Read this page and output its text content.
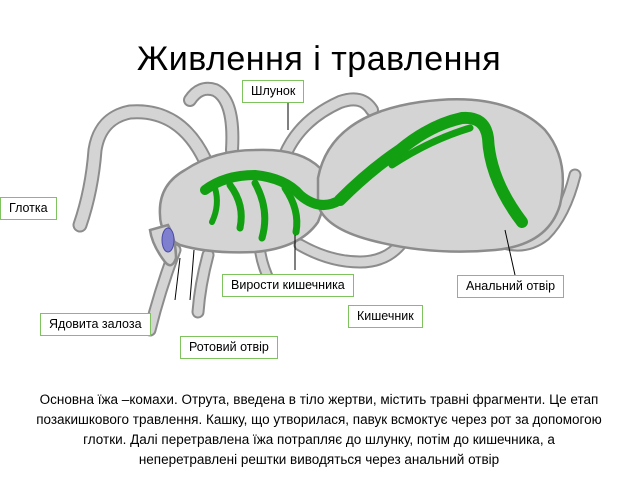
Живлення і травлення
Шлунок
Глотка
Вирости кишечника	Анальний отвір
Кишечник
Ядовита залоза
Ротовий отвір
Основна їжа –комахи. Отрута, введена в тіло жертви, містить травні фрагменти. Це етап
позакишкового травлення. Кашку, що утворилася, павук всмоктує через рот за допомогою
глотки. Далі перетравлена їжа потрапляє до шлунку, потім до кишечника, а
неперетравлені рештки виводяться через анальний отвір
